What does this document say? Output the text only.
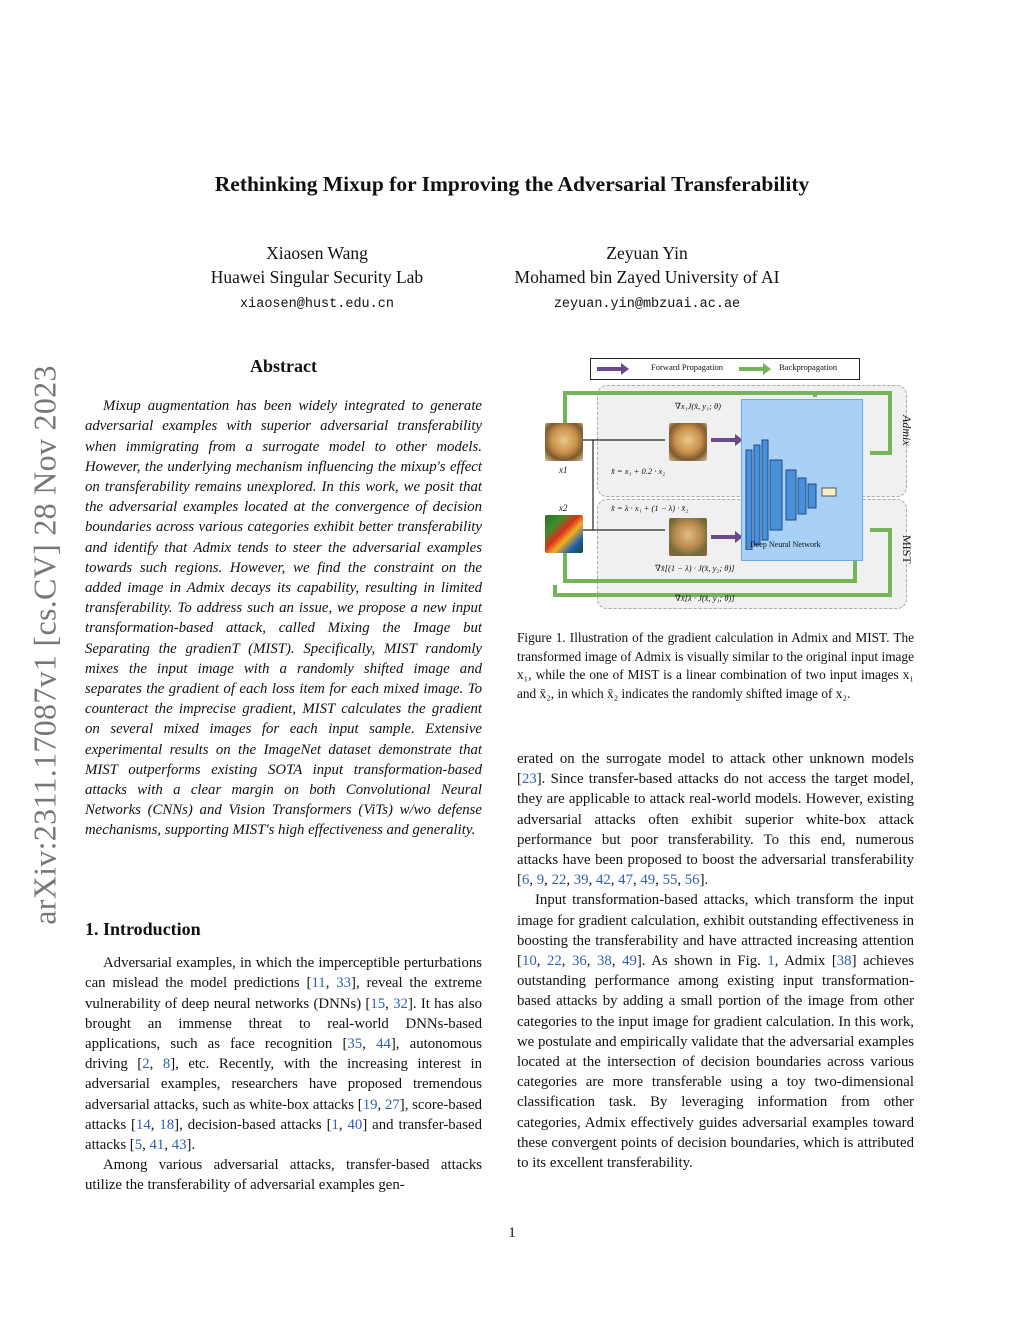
Rethinking Mixup for Improving the Adversarial Transferability
Xiaosen Wang
Huawei Singular Security Lab
xiaosen@hust.edu.cn
Zeyuan Yin
Mohamed bin Zayed University of AI
zeyuan.yin@mbzuai.ac.ae
arXiv:2311.17087v1 [cs.CV] 28 Nov 2023	Abstract

Mixup augmentation has been widely integrated to generate adversarial examples with superior adversarial transferability when immigrating from a surrogate model to other models. However, the underlying mechanism influencing the mixup's effect on transferability remains unexplored. In this work, we posit that the adversarial examples located at the convergence of decision boundaries across various categories exhibit better transferability and identify that Admix tends to steer the adversarial examples towards such regions. However, we find the constraint on the added image in Admix decays its capability, resulting in limited transferability. To address such an issue, we propose a new input transformation-based attack, called Mixing the Image but Separating the gradienT (MIST). Specifically, MIST randomly mixes the input image with a randomly shifted image and separates the gradient of each loss item for each mixed image. To counteract the imprecise gradient, MIST calculates the gradient on several mixed images for each input sample. Extensive experimental results on the ImageNet dataset demonstrate that MIST outperforms existing SOTA input transformation-based attacks with a clear margin on both Convolutional Neural Networks (CNNs) and Vision Transformers (ViTs) w/wo defense mechanisms, supporting MIST's high effectiveness and generality.

1. Introduction

Adversarial examples, in which the imperceptible perturbations can mislead the model predictions [11, 33], reveal the extreme vulnerability of deep neural networks (DNNs) [15, 32]. It has also brought an immense threat to real-world DNNs-based applications, such as face recognition [35, 44], autonomous driving [2, 8], etc. Recently, with the increasing interest in adversarial examples, researchers have proposed tremendous adversarial attacks, such as white-box attacks [19, 27], score-based attacks [14, 18], decision-based attacks [1, 40] and transfer-based attacks [5, 41, 43].

Among various adversarial attacks, transfer-based attacks utilize the transferability of adversarial examples gen-

Forward Propagation	Backpropagation
x1
x2
∇x₁J(x̂, y₁; θ)
x̂ = x₁ + 0.2 · x₂
x̂ = λ · x₁ + (1 − λ) · x̄₂
∇x̂[(1 − λ) · J(x̂, y₂; θ)]
∇x̂[λ · J(x̂, y₁; θ)]
Deep Neural Network
Admix
MIST
Figure 1. Illustration of the gradient calculation in Admix and MIST. The transformed image of Admix is visually similar to the original input image x₁, while the one of MIST is a linear combination of two input images x₁ and x̄₂, in which x̄₂ indicates the randomly shifted image of x₂.

erated on the surrogate model to attack other unknown models [23]. Since transfer-based attacks do not access the target model, they are applicable to attack real-world models. However, existing adversarial attacks often exhibit superior white-box attack performance but poor transferability. To this end, numerous attacks have been proposed to boost the adversarial transferability [6, 9, 22, 39, 42, 47, 49, 55, 56].

Input transformation-based attacks, which transform the input image for gradient calculation, exhibit outstanding effectiveness in boosting the transferability and have attracted increasing attention [10, 22, 36, 38, 49]. As shown in Fig. 1, Admix [38] achieves outstanding performance among existing input transformation-based attacks by adding a small portion of the image from other categories to the input image for gradient calculation. In this work, we postulate and empirically validate that the adversarial examples located at the intersection of decision boundaries across various categories are more transferable using a toy two-dimensional classification task. By leveraging information from other categories, Admix effectively guides adversarial examples toward these convergent points of decision boundaries, which is attributed to its excellent transferability.

1
